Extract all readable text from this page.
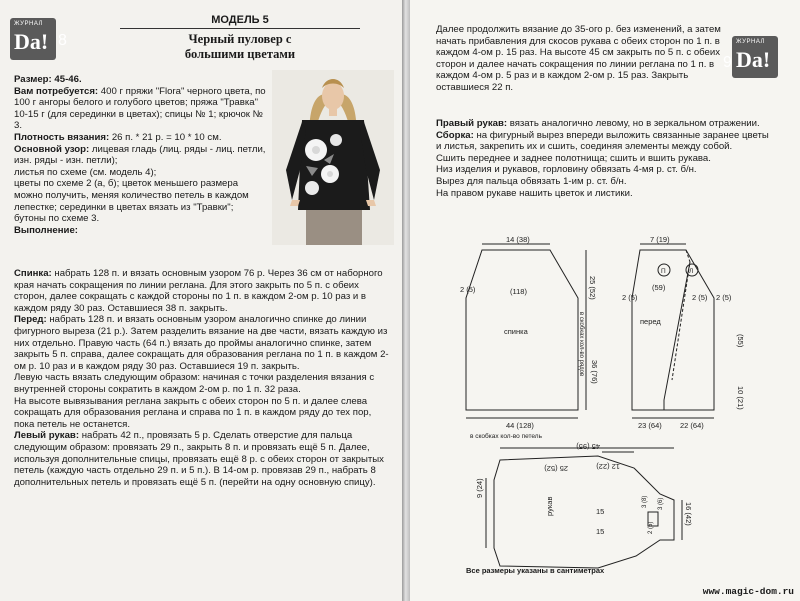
ЖУРНАЛ
Da! 8
МОДЕЛЬ 5
Черный пуловер с
большими цветами

Размер: 45-46.

Вам потребуется: 400 г пряжи "Flora" черного цвета, по 100 г ангоры белого и голубого цветов; пряжа "Травка" 10-15 г (для серединки в цветах); спицы № 1; крючок № 3.

Плотность вязания: 26 п. * 21 р. = 10 * 10 см.

Основной узор: лицевая гладь (лиц. ряды - лиц. петли, изн. ряды - изн. петли);

листья по схеме (см. модель 4);

цветы по схеме 2 (а, б); цветок меньшего размера можно получить, меняя количество петель в каждом лепестке; серединки в цветах вязать из "Травки";

бутоны по схеме 3.

Выполнение:

Спинка: набрать 128 п. и вязать основным узором 76 р. Через 36 см от наборного края начать сокращения по линии реглана. Для этого закрыть по 5 п. с обеих сторон, далее сокращать с каждой стороны по 1 п. в каждом 2-ом р. 10 раз и в каждом ряду 30 раз. Оставшиеся 38 п. закрыть.

Перед: набрать 128 п. и вязать основным узором аналогично спинке до линии фигурного выреза (21 р.). Затем разделить вязание на две части, вязать каждую из них отдельно. Правую часть (64 п.) вязать до проймы аналогично спинке, затем закрыть 5 п. справа, далее сокращать для образования реглана по 1 п. в каждом 2-ом р. 10 раз и в каждом ряду 30 раз. Оставшиеся 19 п. закрыть.

Левую часть вязать следующим образом: начиная с точки разделения вязания с внутренней стороны сократить в каждом 2-ом р. по 1 п. 32 раза.

На высоте вывязывания реглана закрыть с обеих сторон по 5 п. и далее слева сокращать для образования реглана и справа по 1 п. в каждом ряду до тех пор, пока петель не останется.

Левый рукав: набрать 42 п., провязать 5 р. Сделать отверстие для пальца следующим образом: провязать 29 п., закрыть 8 п. и провязать ещё 5 п. Далее, используя дополнительные спицы, провязать ещё 8 р. с обеих сторон от закрытых петель (каждую часть отдельно 29 п. и 5 п.). В 14-ом р. провязав 29 п., набрать 8 дополнительных петель и провязать ещё 5 п. (перейти на одну основную спицу).

ЖУРНАЛ
Da!
9

Далее продолжить вязание до 35-ого р. без изменений, а затем начать прибавления для скосов рукава с обеих сторон по 1 п. в каждом 4-ом р. 15 раз. На высоте 45 см закрыть по 5 п. с обеих сторон и далее начать сокращения по линии реглана по 1 п. в каждом 4-ом р. 5 раз и в каждом 2-ом р. 15 раз. Закрыть оставшиеся 22 п.

Правый рукав: вязать аналогично левому, но в зеркальном отражении.

Сборка: на фигурный вырез впереди выложить связанные заранее цветы и листья, закрепить их и сшить, соединяя элементы между собой.

Сшить переднее и заднее полотнища; сшить и вшить рукава.

Низ изделия и рукавов, горловину обвязать 4-мя р. ст. б/н.

Вырез для пальца обвязать 1-им р. ст. б/н.

На правом рукаве нашить цветок и листики.

14 (38)
25 (52)
2 (5)	(118)
спинка
36 (76)
в скобках кол-во рядов
44 (128)
в скобках кол-во петель
7 (19)
П	Л
(59)
2 (5)	2 (5) 2 (5)
перед
(55)
10 (21)
23 (64) 22 (64)
25 (52)	12 (22)
45 (95)
9 (24)
рукав	15
15
3 (8)
2 (5)
3 (6)	16 (42)
Все размеры указаны в сантиметрах
www.magic-dom.ru
